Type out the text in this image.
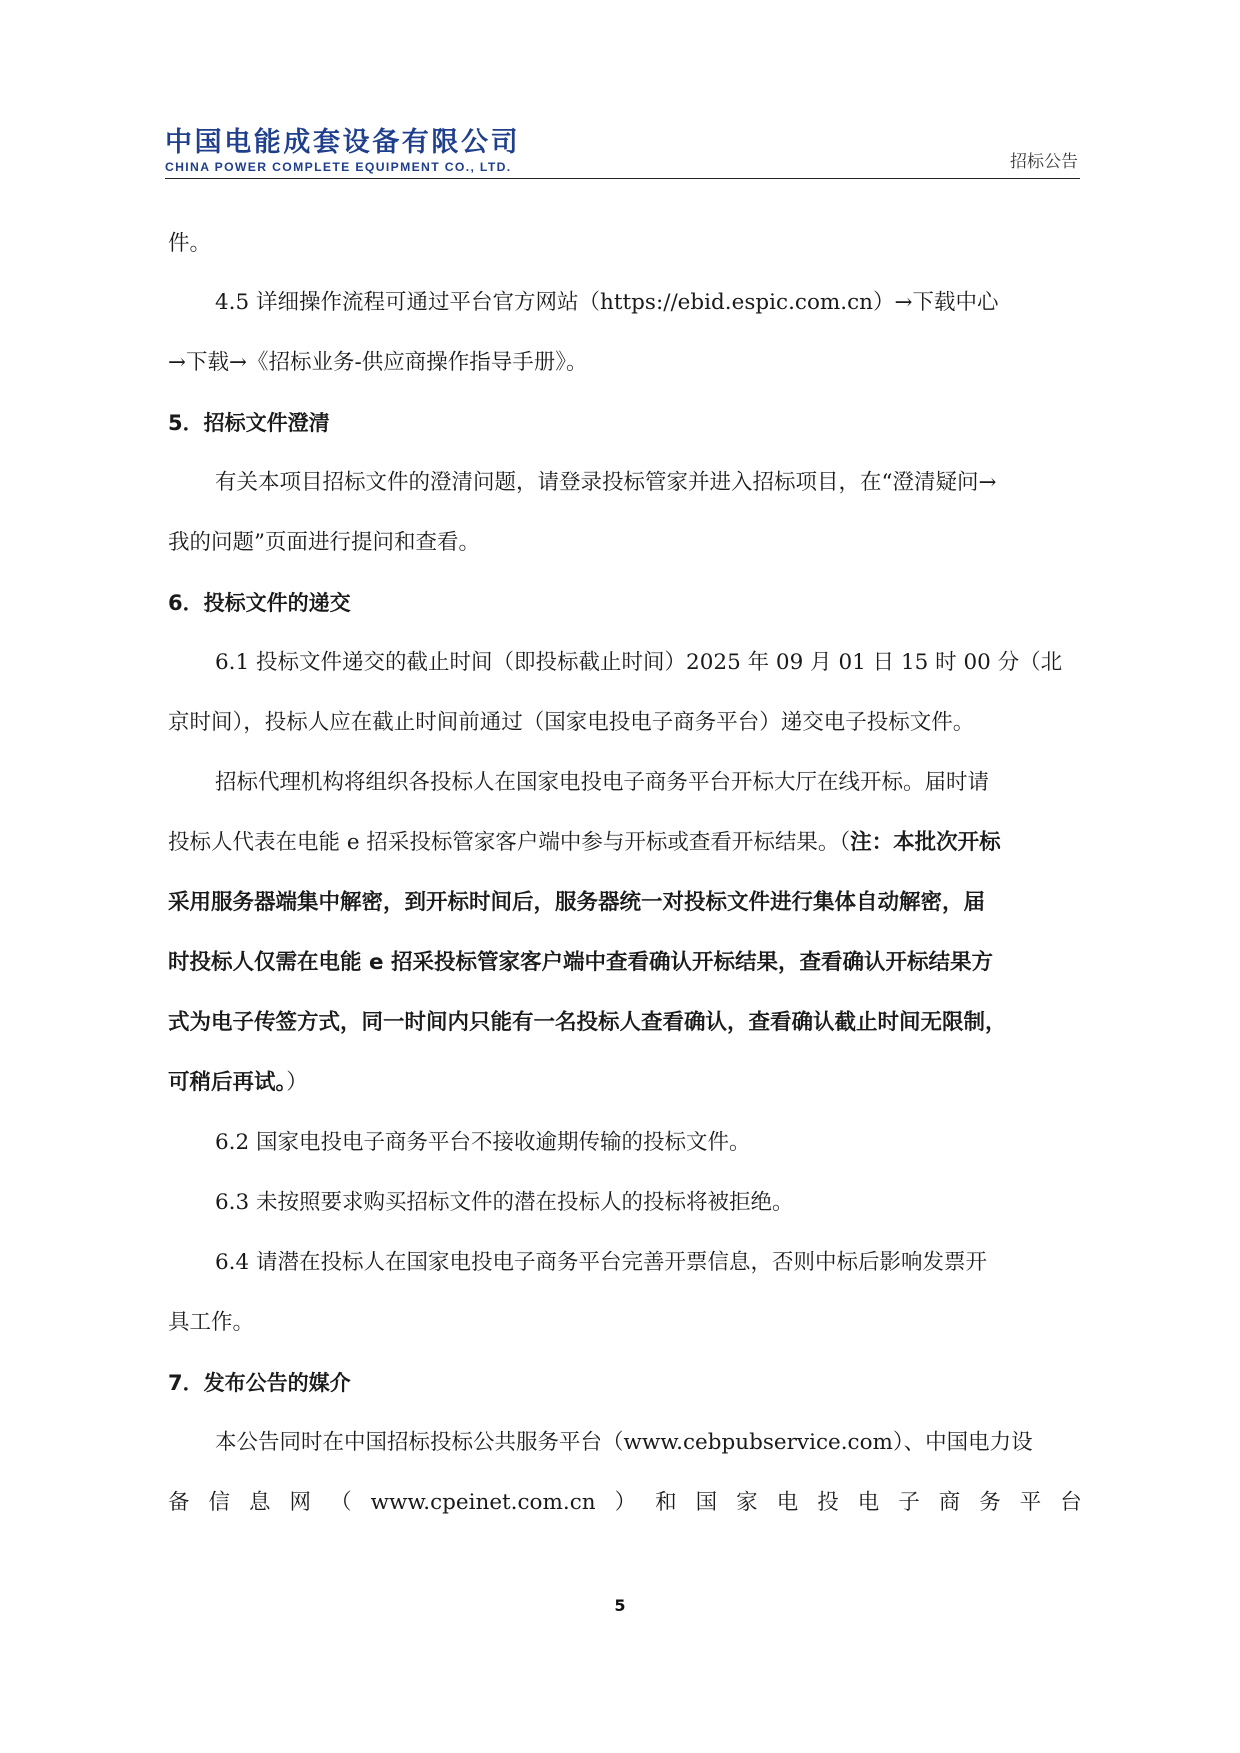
中国电能成套设备有限公司
CHINA POWER COMPLETE EQUIPMENT CO., LTD.	招标公告
件。
4.5 详细操作流程可通过平台官方网站（https://ebid.espic.com.cn）→下载中心
→下载→《招标业务-供应商操作指导手册》。
5．招标文件澄清
有关本项目招标文件的澄清问题，请登录投标管家并进入招标项目，在“澄清疑问→
我的问题”页面进行提问和查看。
6．投标文件的递交
6.1 投标文件递交的截止时间（即投标截止时间）2025 年 09 月 01 日 15 时 00 分（北
京时间），投标人应在截止时间前通过（国家电投电子商务平台）递交电子投标文件。
招标代理机构将组织各投标人在国家电投电子商务平台开标大厅在线开标。届时请
投标人代表在电能 e 招采投标管家客户端中参与开标或查看开标结果。（注：本批次开标
采用服务器端集中解密，到开标时间后，服务器统一对投标文件进行集体自动解密，届
时投标人仅需在电能 e 招采投标管家客户端中查看确认开标结果，查看确认开标结果方
式为电子传签方式，同一时间内只能有一名投标人查看确认，查看确认截止时间无限制，
可稍后再试。）
6.2 国家电投电子商务平台不接收逾期传输的投标文件。
6.3 未按照要求购买招标文件的潜在投标人的投标将被拒绝。
6.4 请潜在投标人在国家电投电子商务平台完善开票信息，否则中标后影响发票开
具工作。
7．发布公告的媒介
本公告同时在中国招标投标公共服务平台（www.cebpubservice.com）、中国电力设
备 信 息 网 （ www.cpeinet.com.cn ） 和 国 家 电 投 电 子 商 务 平 台
5
